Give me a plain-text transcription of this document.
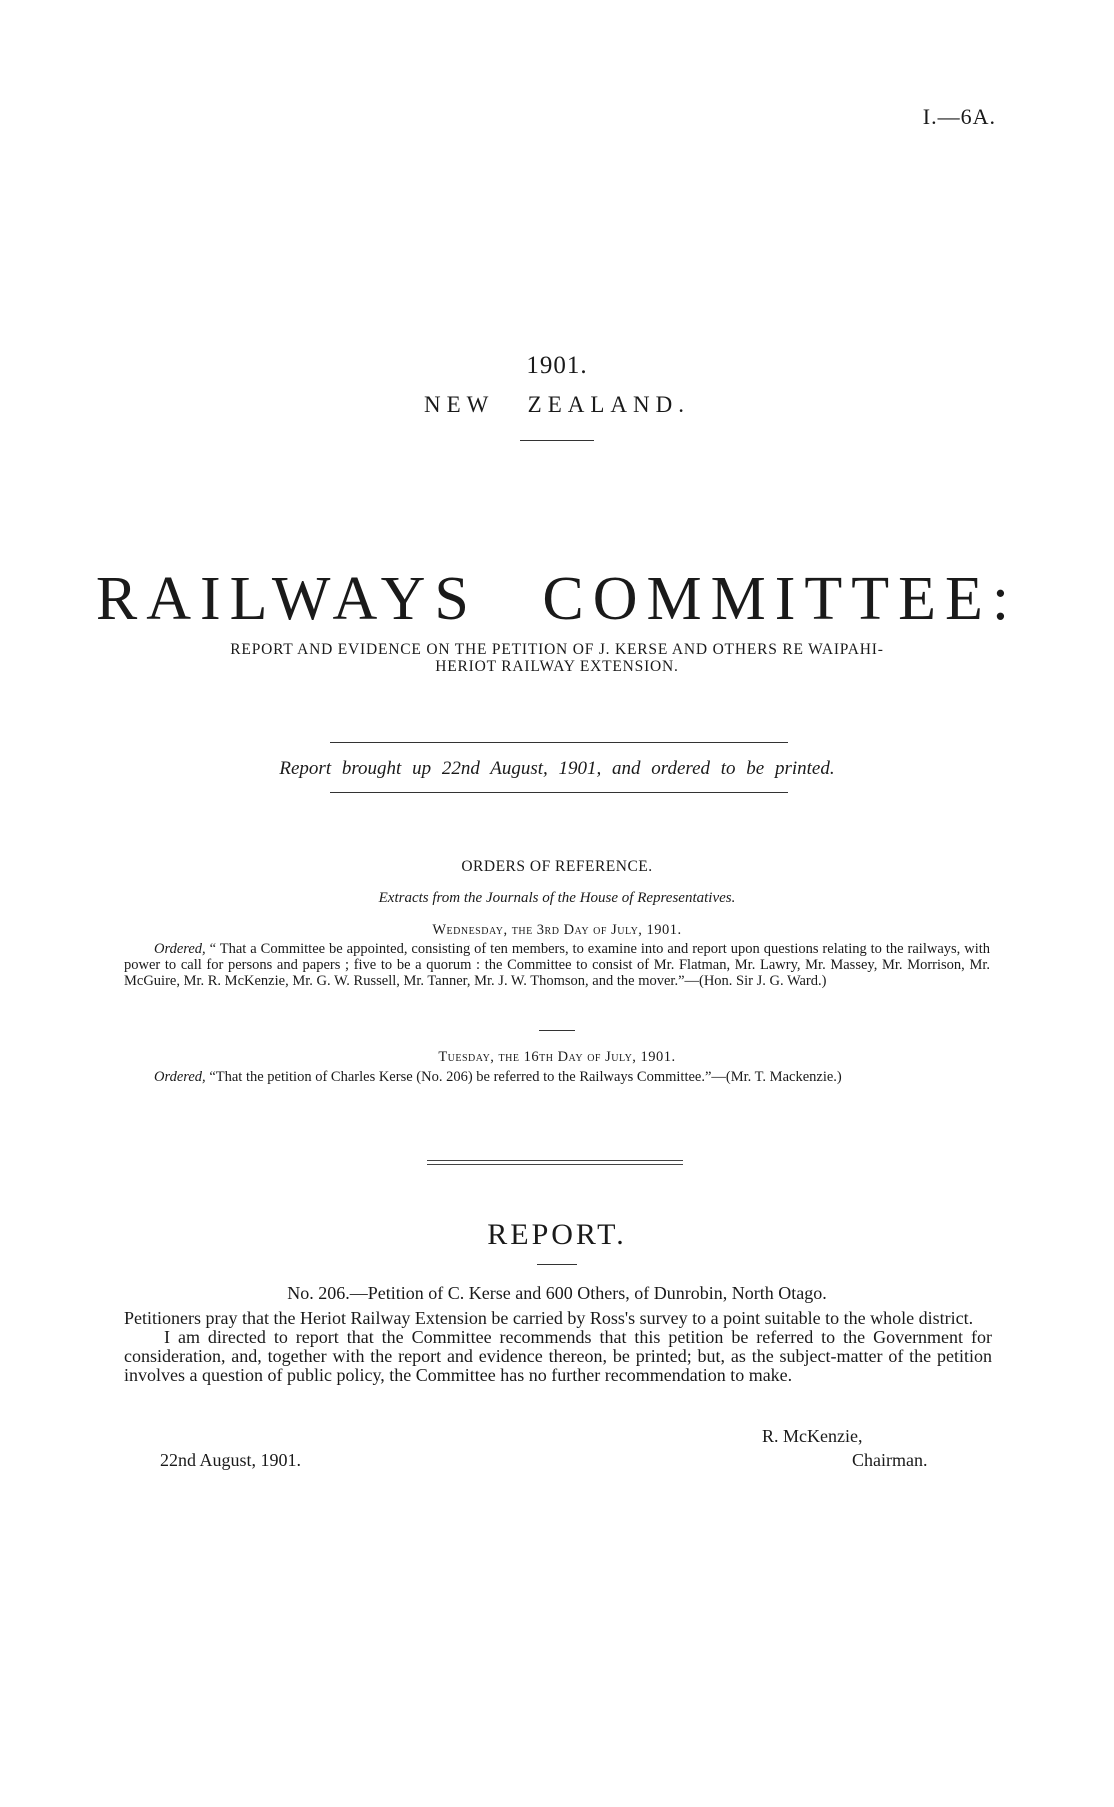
I.—6A.
1901.
NEW ZEALAND.
RAILWAYS COMMITTEE:
REPORT AND EVIDENCE ON THE PETITION OF J. KERSE AND OTHERS RE WAIPAHI-
HERIOT RAILWAY EXTENSION.
Report brought up 22nd August, 1901, and ordered to be printed.
ORDERS OF REFERENCE.
Extracts from the Journals of the House of Representatives.
Wednesday, the 3rd Day of July, 1901.
Ordered, “ That a Committee be appointed, consisting of ten members, to examine into and report upon questions relating to the railways, with power to call for persons and papers ; five to be a quorum : the Committee to consist of Mr. Flatman, Mr. Lawry, Mr. Massey, Mr. Morrison, Mr. McGuire, Mr. R. McKenzie, Mr. G. W. Russell, Mr. Tanner, Mr. J. W. Thomson, and the mover.”—(Hon. Sir J. G. Ward.)
Tuesday, the 16th Day of July, 1901.
Ordered, “That the petition of Charles Kerse (No. 206) be referred to the Railways Committee.”—(Mr. T. Mackenzie.)
REPORT.
No. 206.—Petition of C. Kerse and 600 Others, of Dunrobin, North Otago.

Petitioners pray that the Heriot Railway Extension be carried by Ross's survey to a point suitable to the whole district.

I am directed to report that the Committee recommends that this petition be referred to the Government for consideration, and, together with the report and evidence thereon, be printed; but, as the subject-matter of the petition involves a question of public policy, the Committee has no further recommendation to make.

R. McKenzie,
22nd August, 1901.	Chairman.
